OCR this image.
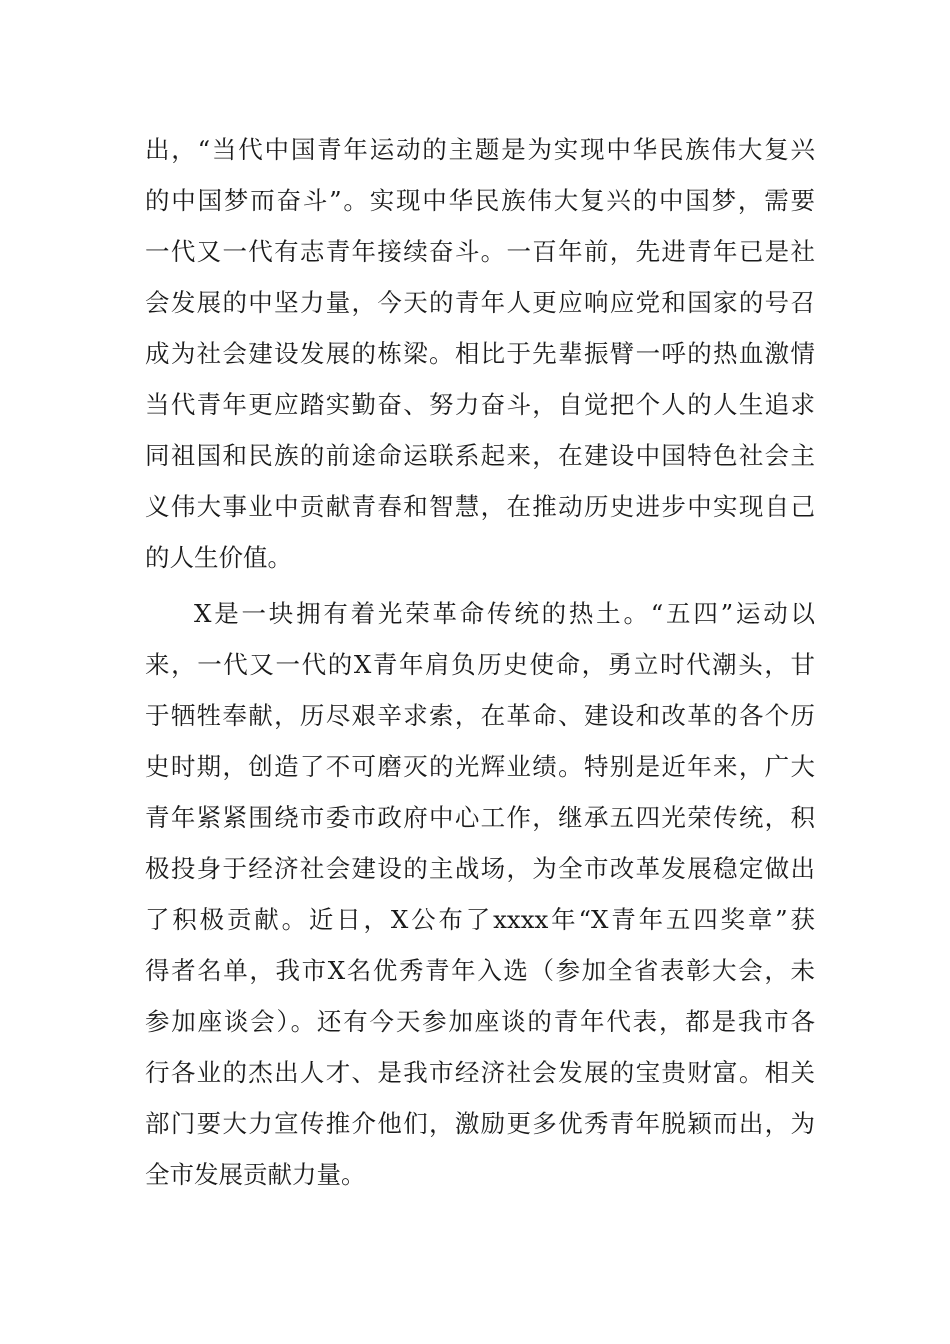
出，“当代中国青年运动的主题是为实现中华民族伟大复兴
的中国梦而奋斗”。实现中华民族伟大复兴的中国梦，需要
一代又一代有志青年接续奋斗。一百年前，先进青年已是社
会发展的中坚力量，今天的青年人更应响应党和国家的号召
成为社会建设发展的栋梁。相比于先辈振臂一呼的热血激情
当代青年更应踏实勤奋、努力奋斗，自觉把个人的人生追求
同祖国和民族的前途命运联系起来，在建设中国特色社会主
义伟大事业中贡献青春和智慧，在推动历史进步中实现自己
的人生价值。

X是一块拥有着光荣革命传统的热土。“五四”运动以
来，一代又一代的X青年肩负历史使命，勇立时代潮头，甘
于牺牲奉献，历尽艰辛求索，在革命、建设和改革的各个历
史时期，创造了不可磨灭的光辉业绩。特别是近年来，广大
青年紧紧围绕市委市政府中心工作，继承五四光荣传统，积
极投身于经济社会建设的主战场，为全市改革发展稳定做出
了积极贡献。近日，X公布了xxxx年“X青年五四奖章”获
得者名单，我市X名优秀青年入选（参加全省表彰大会，未
参加座谈会）。还有今天参加座谈的青年代表，都是我市各
行各业的杰出人才、是我市经济社会发展的宝贵财富。相关
部门要大力宣传推介他们，激励更多优秀青年脱颖而出，为
全市发展贡献力量。
